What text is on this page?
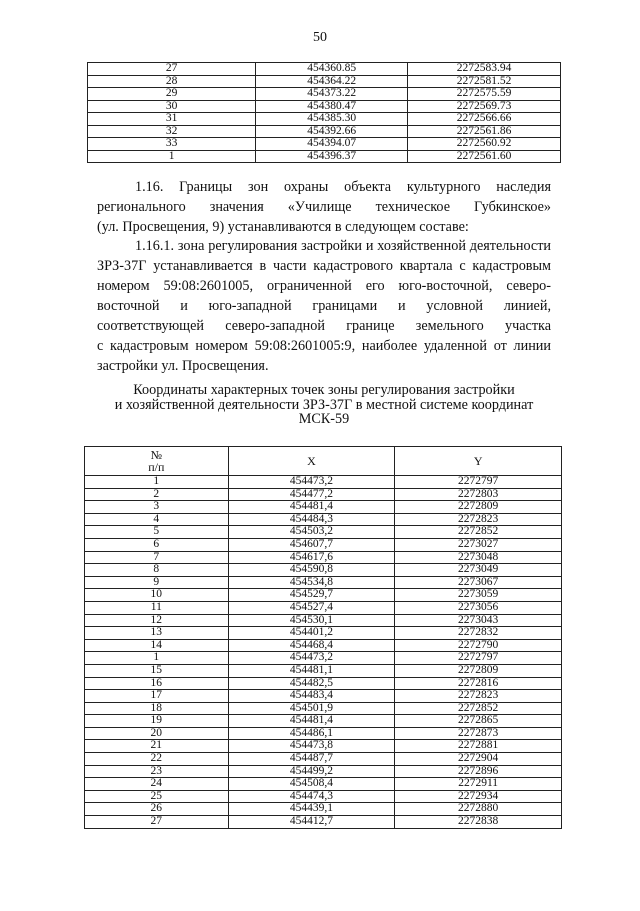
50
27	454360.85	2272583.94
28	454364.22	2272581.52
29	454373.22	2272575.59
30	454380.47	2272569.73
31	454385.30	2272566.66
32	454392.66	2272561.86
33	454394.07	2272560.92
1	454396.37	2272561.60
1.16. Границы зон охраны объекта культурного наследия
регионального значения «Училище техническое Губкинское»
(ул. Просвещения, 9) устанавливаются в следующем составе:
1.16.1. зона регулирования застройки и хозяйственной деятельности
ЗРЗ-37Г устанавливается в части кадастрового квартала с кадастровым
номером 59:08:2601005, ограниченной его юго-восточной, северо-
восточной и юго-западной границами и условной линией,
соответствующей северо-западной границе земельного участка
с кадастровым номером 59:08:2601005:9, наиболее удаленной от линии
застройки ул. Просвещения.
Координаты характерных точек зоны регулирования застройки
и хозяйственной деятельности ЗРЗ-37Г в местной системе координат
МСК-59
№
п/п	X	Y
1	454473,2	2272797
2	454477,2	2272803
3	454481,4	2272809
4	454484,3	2272823
5	454503,2	2272852
6	454607,7	2273027
7	454617,6	2273048
8	454590,8	2273049
9	454534,8	2273067
10	454529,7	2273059
11	454527,4	2273056
12	454530,1	2273043
13	454401,2	2272832
14	454468,4	2272790
1	454473,2	2272797
15	454481,1	2272809
16	454482,5	2272816
17	454483,4	2272823
18	454501,9	2272852
19	454481,4	2272865
20	454486,1	2272873
21	454473,8	2272881
22	454487,7	2272904
23	454499,2	2272896
24	454508,4	2272911
25	454474,3	2272934
26	454439,1	2272880
27	454412,7	2272838
